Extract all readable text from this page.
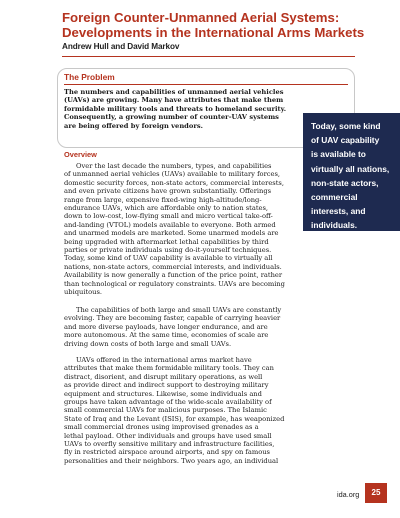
Foreign Counter-Unmanned Aerial Systems:
Developments in the International Arms Markets
Andrew Hull and David Markov
The Problem
The numbers and capabilities of unmanned aerial vehicles
(UAVs) are growing. Many have attributes that make them
formidable military tools and threats to homeland security.
Consequently, a growing number of counter-UAV systems
are being offered by foreign vendors.	Today, some kind
of UAV capability
is available to
virtually all nations,
non-state actors,
commercial
interests, and
individuals.
Overview
Over the last decade the numbers, types, and capabilities
of unmanned aerial vehicles (UAVs) available to military forces,
domestic security forces, non-state actors, commercial interests,
and even private citizens have grown substantially. Offerings
range from large, expensive fixed-wing high-altitude/long-
endurance UAVs, which are affordable only to nation states,
down to low-cost, low-flying small and micro vertical take-off-
and-landing (VTOL) models available to everyone. Both armed
and unarmed models are marketed. Some unarmed models are
being upgraded with aftermarket lethal capabilities by third
parties or private individuals using do-it-yourself techniques.
Today, some kind of UAV capability is available to virtually all
nations, non-state actors, commercial interests, and individuals.
Availability is now generally a function of the price point, rather
than technological or regulatory constraints. UAVs are becoming
ubiquitous.
The capabilities of both large and small UAVs are constantly
evolving. They are becoming faster, capable of carrying heavier
and more diverse payloads, have longer endurance, and are
more autonomous. At the same time, economies of scale are
driving down costs of both large and small UAVs.
UAVs offered in the international arms market have
attributes that make them formidable military tools. They can
distract, disorient, and disrupt military operations, as well
as provide direct and indirect support to destroying military
equipment and structures. Likewise, some individuals and
groups have taken advantage of the wide-scale availability of
small commercial UAVs for malicious purposes. The Islamic
State of Iraq and the Levant (ISIS), for example, has weaponized
small commercial drones using improvised grenades as a
lethal payload. Other individuals and groups have used small
UAVs to overfly sensitive military and infrastructure facilities,
fly in restricted airspace around airports, and spy on famous
personalities and their neighbors. Two years ago, an individual
ida.org	25
